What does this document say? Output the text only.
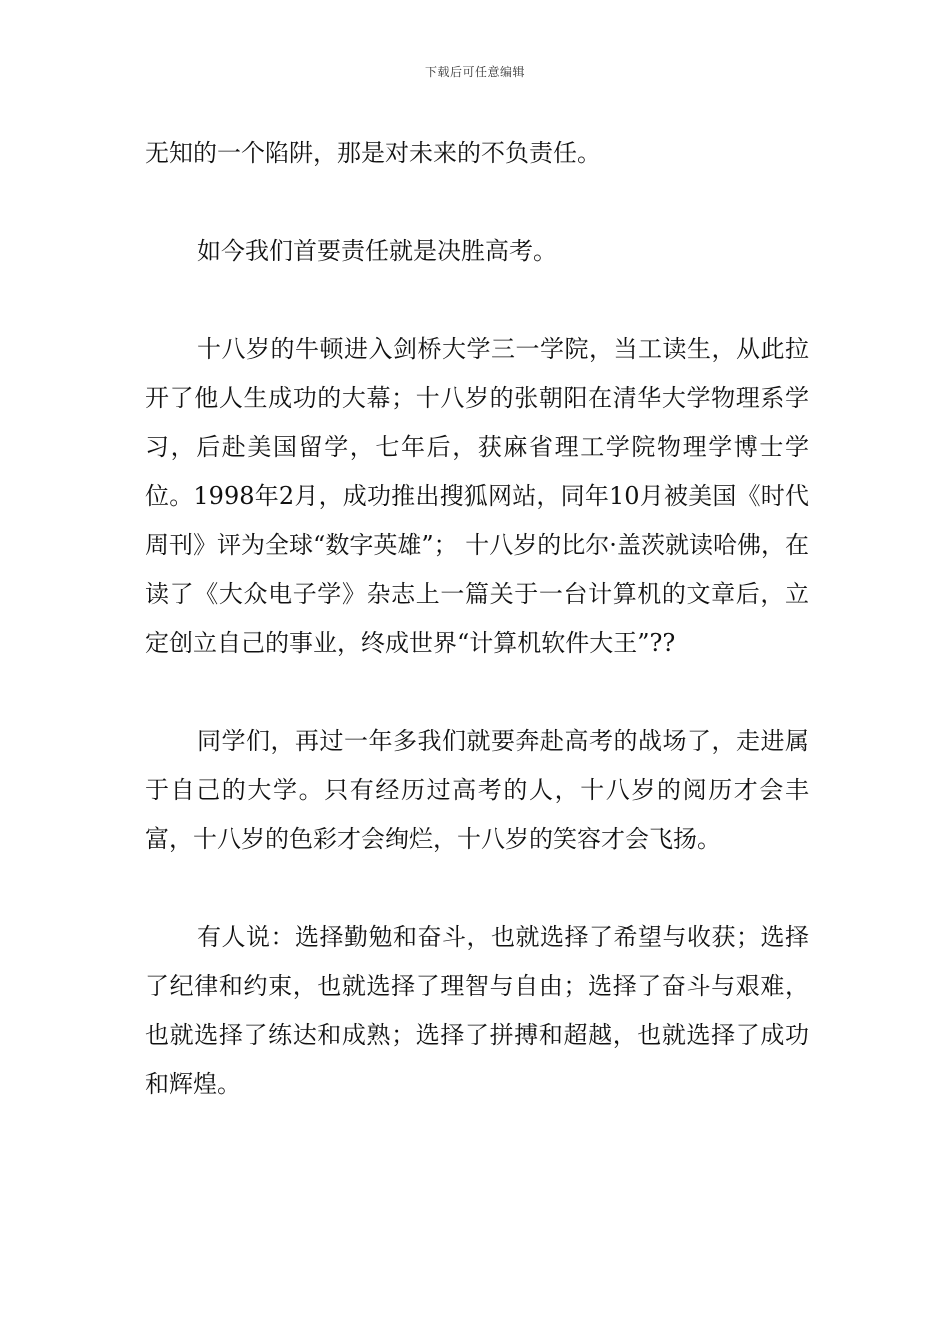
下载后可任意编辑

无知的一个陷阱，那是对未来的不负责任。

如今我们首要责任就是决胜高考。

十八岁的牛顿进入剑桥大学三一学院，当工读生，从此拉开了他人生成功的大幕；十八岁的张朝阳在清华大学物理系学习，后赴美国留学，七年后，获麻省理工学院物理学博士学位。1998年2月，成功推出搜狐网站，同年10月被美国《时代周刊》评为全球“数字英雄”； 十八岁的比尔·盖茨就读哈佛，在读了《大众电子学》杂志上一篇关于一台计算机的文章后，立定创立自己的事业，终成世界“计算机软件大王”??

同学们，再过一年多我们就要奔赴高考的战场了，走进属于自己的大学。只有经历过高考的人，十八岁的阅历才会丰富，十八岁的色彩才会绚烂，十八岁的笑容才会飞扬。

有人说：选择勤勉和奋斗，也就选择了希望与收获；选择了纪律和约束，也就选择了理智与自由；选择了奋斗与艰难，也就选择了练达和成熟；选择了拼搏和超越，也就选择了成功和辉煌。
